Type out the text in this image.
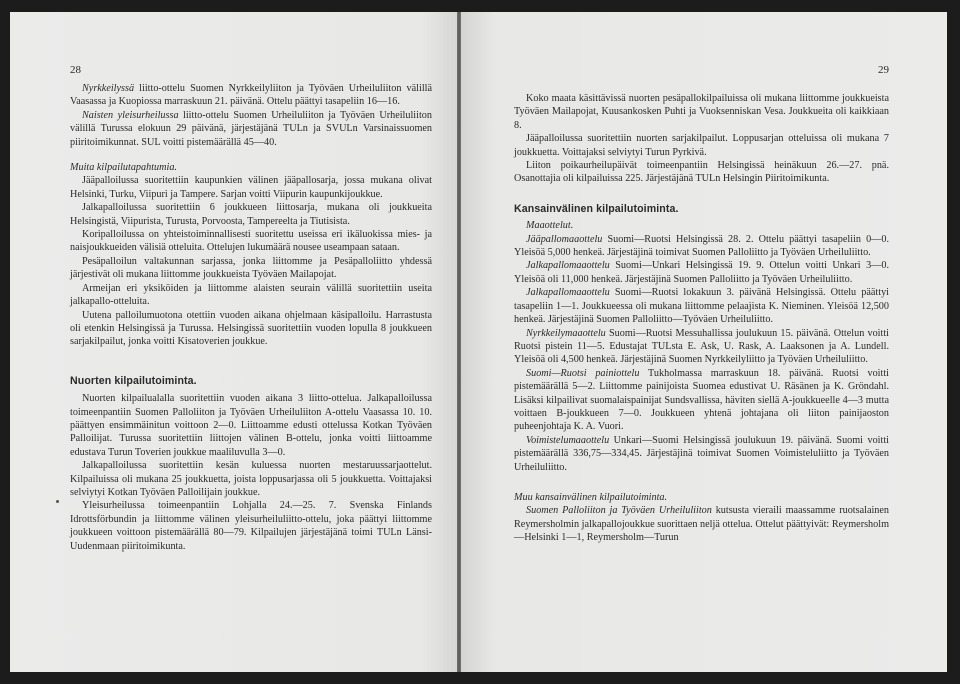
28

Nyrkkeilyssä liitto-ottelu Suomen Nyrkkeilyliiton ja Työväen Urheiluliiton välillä Vaasassa ja Kuopiossa marraskuun 21. päivänä. Ottelu päättyi tasapeliin 16—16.

Naisten yleisurheilussa liitto-ottelu Suomen Urheiluliiton ja Työväen Urheiluliiton välillä Turussa elokuun 29 päivänä, järjestäjänä TULn ja SVULn Varsinaissuomen piiritoimikunnat. SUL voitti pistemäärällä 45—40.

Muita kilpailutapahtumia.

Jääpalloilussa suoritettiin kaupunkien välinen jääpallosarja, jossa mukana olivat Helsinki, Turku, Viipuri ja Tampere. Sarjan voitti Viipurin kaupunkijoukkue.

Jalkapalloilussa suoritettiin 6 joukkueen liittosarja, mukana oli joukkueita Helsingistä, Viipurista, Turusta, Porvoosta, Tampereelta ja Tiutisista.

Koripalloilussa on yhteistoiminnallisesti suoritettu useissa eri ikäluokissa mies- ja naisjoukkueiden välisiä otteluita. Ottelujen lukumäärä nousee useampaan sataan.

Pesäpalloilun valtakunnan sarjassa, jonka liittomme ja Pesäpalloliitto yhdessä järjestivät oli mukana liittomme joukkueista Työväen Mailapojat.

Armeijan eri yksiköiden ja liittomme alaisten seurain välillä suoritettiin useita jalkapallo-otteluita.

Uutena palloilumuotona otettiin vuoden aikana ohjelmaan käsipalloilu. Harrastusta oli etenkin Helsingissä ja Turussa. Helsingissä suoritettiin vuoden lopulla 8 joukkueen sarjakilpailut, jonka voitti Kisatoverien joukkue.

Nuorten kilpailutoiminta.

Nuorten kilpailualalla suoritettiin vuoden aikana 3 liitto-ottelua. Jalkapalloilussa toimeenpantiin Suomen Palloliiton ja Työväen Urheiluliiton A-ottelu Vaasassa 10. 10. päättyen ensimmäinitun voittoon 2—0. Liittoamme edusti ottelussa Kotkan Työväen Palloilijat. Turussa suoritettiin liittojen välinen B-ottelu, jonka voitti liittoamme edustava Turun Toverien joukkue maaliluvulla 3—0.

Jalkapalloilussa suoritettiin kesän kuluessa nuorten mestaruussarjaottelut. Kilpailuissa oli mukana 25 joukkuetta, joista loppusarjassa oli 5 joukkuetta. Voittajaksi selviytyi Kotkan Työväen Palloilijain joukkue.

Yleisurheilussa toimeenpantiin Lohjalla 24.—25. 7. Svenska Finlands Idrottsförbundin ja liittomme välinen yleisurheiluliitto-ottelu, joka päättyi liittomme joukkueen voittoon pistemäärällä 80—79. Kilpailujen järjestäjänä toimi TULn Länsi-Uudenmaan piiritoimikunta.

29

Koko maata käsittävissä nuorten pesäpallokilpailuissa oli mukana liittomme joukkueista Työväen Mailapojat, Kuusankosken Puhti ja Vuoksenniskan Vesa. Joukkueita oli kaikkiaan 8.

Jääpalloilussa suoritettiin nuorten sarjakilpailut. Loppusarjan otteluissa oli mukana 7 joukkuetta. Voittajaksi selviytyi Turun Pyrkivä.

Liiton poikaurheilupäivät toimeenpantiin Helsingissä heinäkuun 26.—27. pnä. Osanottajia oli kilpailuissa 225. Järjestäjänä TULn Helsingin Piiritoimikunta.

Kansainvälinen kilpailutoiminta.

Maaottelut.

Jääpallomaaottelu Suomi—Ruotsi Helsingissä 28. 2. Ottelu päättyi tasapeliin 0—0. Yleisöä 5,000 henkeä. Järjestäjinä toimivat Suomen Palloliitto ja Työväen Urheiluliitto.

Jalkapallomaaottelu Suomi—Unkari Helsingissä 19. 9. Ottelun voitti Unkari 3—0. Yleisöä oli 11,000 henkeä. Järjestäjinä Suomen Palloliitto ja Työväen Urheiluliitto.

Jalkapallomaaottelu Suomi—Ruotsi lokakuun 3. päivänä Helsingissä. Ottelu päättyi tasapeliin 1—1. Joukkueessa oli mukana liittomme pelaajista K. Nieminen. Yleisöä 12,500 henkeä. Järjestäjinä Suomen Palloliitto—Työväen Urheiluliitto.

Nyrkkeilymaaottelu Suomi—Ruotsi Messuhallissa joulukuun 15. päivänä. Ottelun voitti Ruotsi pistein 11—5. Edustajat TULsta E. Ask, U. Rask, A. Laaksonen ja A. Lundell. Yleisöä oli 4,500 henkeä. Järjestäjinä Suomen Nyrkkeilyliitto ja Työväen Urheiluliitto.

Suomi—Ruotsi painiottelu Tukholmassa marraskuun 18. päivänä. Ruotsi voitti pistemäärällä 5—2. Liittomme painijoista Suomea edustivat U. Räsänen ja K. Gröndahl. Lisäksi kilpailivat suomalaispainijat Sundsvallissa, häviten siellä A-joukkueelle 4—3 mutta voittaen B-joukkueen 7—0. Joukkueen yhtenä johtajana oli liiton painijaoston puheenjohtaja K. A. Vuori.

Voimistelumaaottelu Unkari—Suomi Helsingissä joulukuun 19. päivänä. Suomi voitti pistemäärällä 336,75—334,45. Järjestäjinä toimivat Suomen Voimisteluliitto ja Työväen Urheiluliitto.

Muu kansainvälinen kilpailutoiminta.

Suomen Palloliiton ja Työväen Urheiluliiton kutsusta vieraili maassamme ruotsalainen Reymersholmin jalkapallojoukkue suorittaen neljä ottelua. Ottelut päättyivät: Reymersholm—Helsinki 1—1, Reymersholm—Turun
